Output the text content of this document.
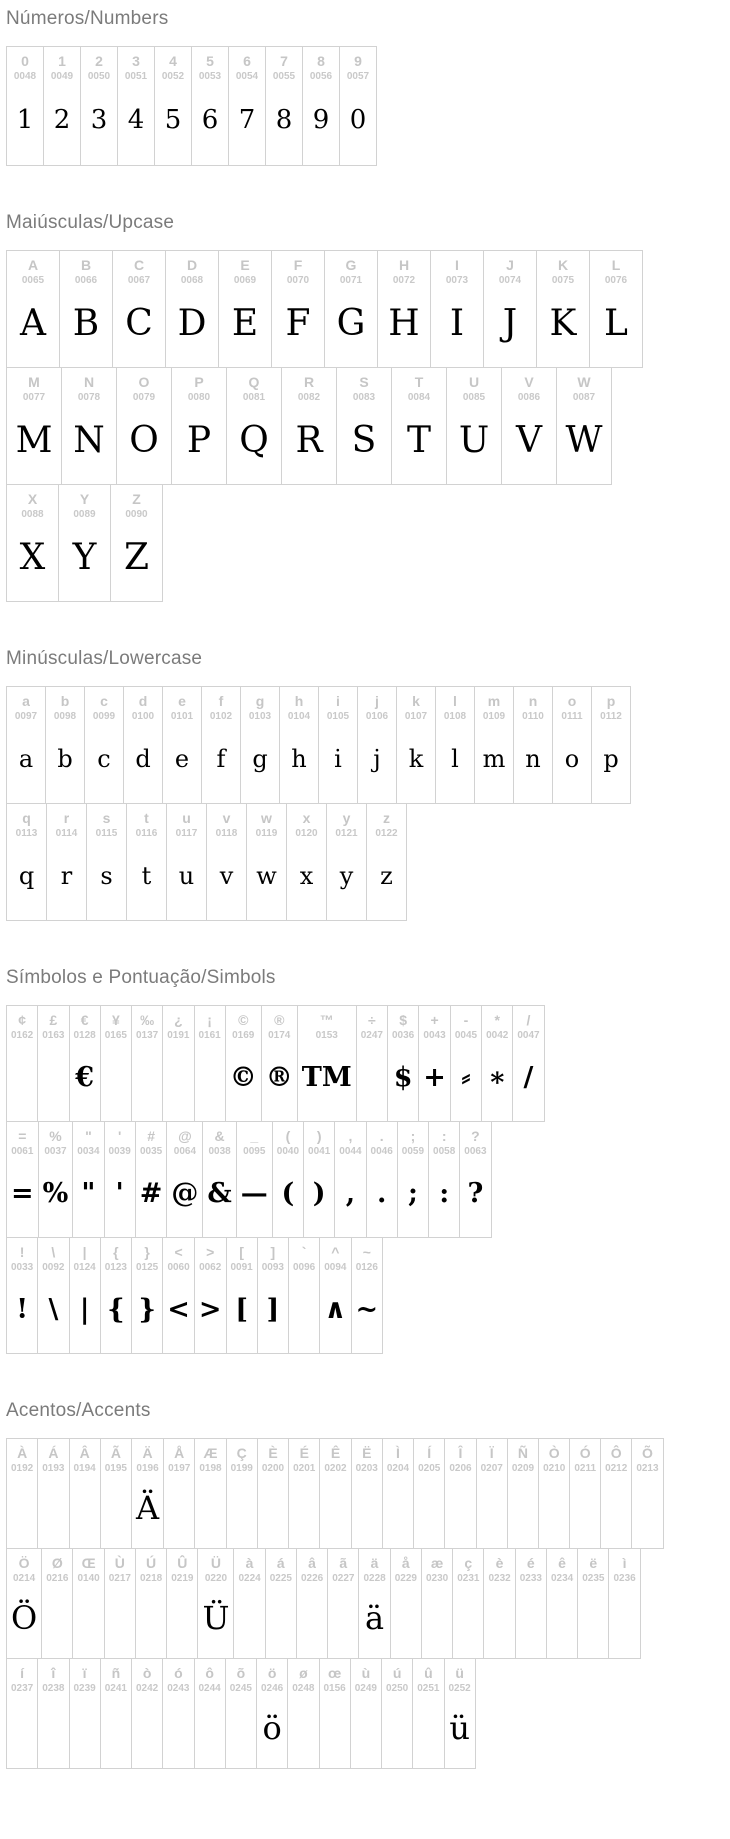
Números/Numbers
0
0048
1
1
0049
2
2
0050
3
3
0051
4
4
0052
5
5
0053
6
6
0054
7
7
0055
8
8
0056
9
9
0057
0
Maiúsculas/Upcase
A
0065
A
B
0066
B
C
0067
C
D
0068
D
E
0069
E
F
0070
F
G
0071
G
H
0072
H
I
0073
I
J
0074
J
K
0075
K
L
0076
L
M
0077
M
N
0078
N
O
0079
O
P
0080
P
Q
0081
Q
R
0082
R
S
0083
S
T
0084
T
U
0085
U
V
0086
V
W
0087
W
X
0088
X
Y
0089
Y
Z
0090
Z
Minúsculas/Lowercase
a
0097
a
b
0098
b
c
0099
c
d
0100
d
e
0101
e
f
0102
f
g
0103
g
h
0104
h
i
0105
i
j
0106
j
k
0107
k
l
0108
l
m
0109
m
n
0110
n
o
0111
o
p
0112
p
q
0113
q
r
0114
r
s
0115
s
t
0116
t
u
0117
u
v
0118
v
w
0119
w
x
0120
x
y
0121
y
z
0122
z
Símbolos e Pontuação/Simbols
¢
0162
£
0163
€
0128
€
¥
0165
‰
0137
¿
0191
¡
0161
©
0169
©
®
0174
®
™
0153
TM
÷
0247
$
0036
$
+
0043
+
-
0045
⸗
*
0042
∗
/
0047
/
=
0061
=
%
0037
%
"
0034
"
'
0039
'
#
0035
#
@
0064
@
&
0038
&
_
0095
—
(
0040
(
)
0041
)
,
0044
,
.
0046
.
;
0059
;
:
0058
:
?
0063
?
!
0033
!
\
0092
\
|
0124
|
{
0123
{
}
0125
}
<
0060
<
>
0062
>
[
0091
[
]
0093
]
`
0096
^
0094
∧
~
0126
~
Acentos/Accents
À
0192
Á
0193
Â
0194
Ã
0195
Ä
0196
Ä
Å
0197
Æ
0198
Ç
0199
È
0200
É
0201
Ê
0202
Ë
0203
Ì
0204
Í
0205
Î
0206
Ï
0207
Ñ
0209
Ò
0210
Ó
0211
Ô
0212
Õ
0213
Ö
0214
Ö
Ø
0216
Œ
0140
Ù
0217
Ú
0218
Û
0219
Ü
0220
Ü
à
0224
á
0225
â
0226
ã
0227
ä
0228
ä
å
0229
æ
0230
ç
0231
è
0232
é
0233
ê
0234
ë
0235
ì
0236
í
0237
î
0238
ï
0239
ñ
0241
ò
0242
ó
0243
ô
0244
õ
0245
ö
0246
ö
ø
0248
œ
0156
ù
0249
ú
0250
û
0251
ü
0252
ü
